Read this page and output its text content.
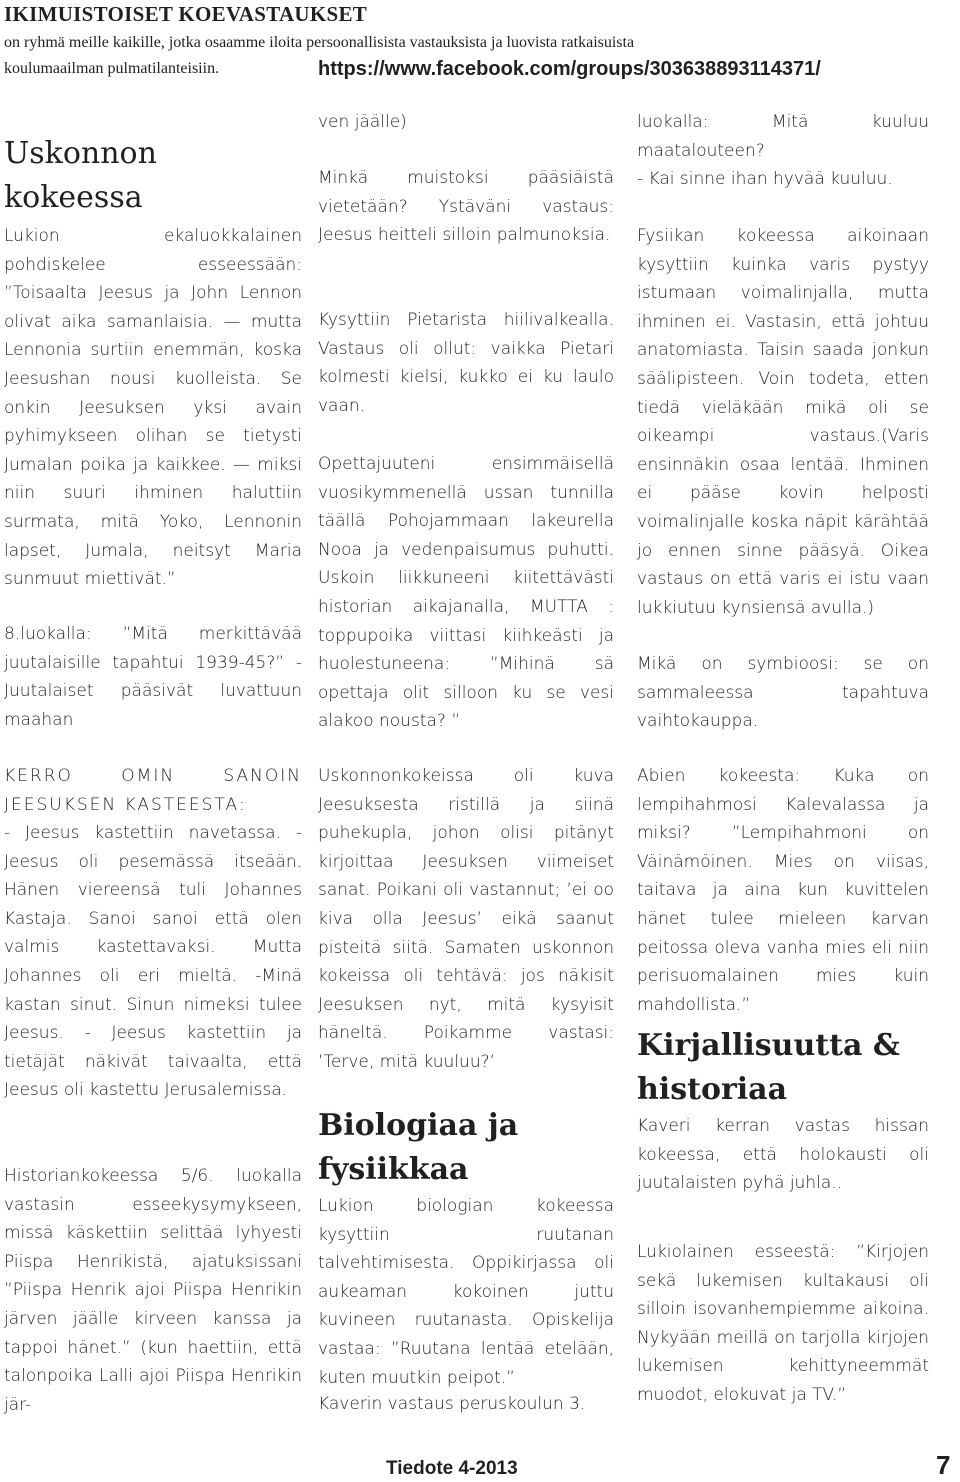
IKIMUISTOISET KOEVASTAUKSET
on ryhmä meille kaikille, jotka osaamme iloita persoonallisista vastauksista ja luovista ratkaisuista
koulumaailman pulmatilanteisiin.	https://www.facebook.com/groups/303638893114371/

Uskonnon kokeessa

Lukion ekaluokkalainen pohdiskelee esseessään: ”Toisaalta Jeesus ja John Lennon olivat aika samanlaisia. — mutta Lennonia surtiin enemmän, koska Jeesushan nousi kuolleista. Se onkin Jeesuksen yksi avain pyhimykseen olihan se tietysti Jumalan poika ja kaikkee. — miksi niin suuri ihminen haluttiin surmata, mitä Yoko, Lennonin lapset, Jumala, neitsyt Maria sunmuut miettivät.”

8.luokalla: ”Mitä merkittävää juutalaisille tapahtui 1939-45?” - Juutalaiset pääsivät luvattuun maahan

KERRO OMIN SANOIN JEESUKSEN KASTEESTA:

- Jeesus kastettiin navetassa. - Jeesus oli pesemässä itseään. Hänen viereensä tuli Johannes Kastaja. Sanoi sanoi että olen valmis kastettavaksi. Mutta Johannes oli eri mieltä. -Minä kastan sinut. Sinun nimeksi tulee Jeesus. - Jeesus kastettiin ja tietäjät näkivät taivaalta, että Jeesus oli kastettu Jerusalemissa.

Historiankokeessa 5/6. luokalla vastasin esseekysymykseen, missä käskettiin selittää lyhyesti Piispa Henrikistä, ajatuksissani ”Piispa Henrik ajoi Piispa Henrikin järven jäälle kirveen kanssa ja tappoi hänet.” (kun haettiin, että talonpoika Lalli ajoi Piispa Henrikin jär-

ven jäälle)

Minkä muistoksi pääsiäistä vietetään? Ystäväni vastaus: Jeesus heitteli silloin palmunoksia.

Kysyttiin Pietarista hiilivalkealla. Vastaus oli ollut: vaikka Pietari kolmesti kielsi, kukko ei ku laulo vaan.

Opettajuuteni ensimmäisellä vuosikymmenellä ussan tunnilla täällä Pohojammaan lakeurella Nooa ja vedenpaisumus puhutti. Uskoin liikkuneeni kiitettävästi historian aikajanalla, MUTTA : toppupoika viittasi kiihkeästi ja huolestuneena: ”Mihinä sä opettaja olit silloon ku se vesi alakoo nousta? ”

Uskonnonkokeissa oli kuva Jeesuksesta ristillä ja siinä puhekupla, johon olisi pitänyt kirjoittaa Jeesuksen viimeiset sanat. Poikani oli vastannut; ’ei oo kiva olla Jeesus’ eikä saanut pisteitä siitä. Samaten uskonnon kokeissa oli tehtävä: jos näkisit Jeesuksen nyt, mitä kysyisit häneltä. Poikamme vastasi: ’Terve, mitä kuuluu?’

Biologiaa ja fysiikkaa

Lukion biologian kokeessa kysyttiin ruutanan talvehtimisesta. Oppikirjassa oli aukeaman kokoinen juttu kuvineen ruutanasta. Opiskelija vastaa: ”Ruutana lentää etelään, kuten muutkin peipot.”

Kaverin vastaus peruskoulun 3.

luokalla: Mitä kuuluu maatalouteen?

- Kai sinne ihan hyvää kuuluu.

Fysiikan kokeessa aikoinaan kysyttiin kuinka varis pystyy istumaan voimalinjalla, mutta ihminen ei. Vastasin, että johtuu anatomiasta. Taisin saada jonkun säälipisteen. Voin todeta, etten tiedä vieläkään mikä oli se oikeampi vastaus.(Varis ensinnäkin osaa lentää. Ihminen ei pääse kovin helposti voimalinjalle koska näpit kärähtää jo ennen sinne pääsyä. Oikea vastaus on että varis ei istu vaan lukkiutuu kynsiensä avulla.)

Mikä on symbioosi: se on sammaleessa tapahtuva vaihtokauppa.

Abien kokeesta: Kuka on lempihahmosi Kalevalassa ja miksi? ”Lempihahmoni on Väinämöinen. Mies on viisas, taitava ja aina kun kuvittelen hänet tulee mieleen karvan peitossa oleva vanha mies eli niin perisuomalainen mies kuin mahdollista.”

Kirjallisuutta & historiaa

Kaveri kerran vastas hissan kokeessa, että holokausti oli juutalaisten pyhä juhla..

Lukiolainen esseestä: ”Kirjojen sekä lukemisen kultakausi oli silloin isovanhempiemme aikoina. Nykyään meillä on tarjolla kirjojen lukemisen kehittyneemmät muodot, elokuvat ja TV.”

Tiedote 4-2013	7
